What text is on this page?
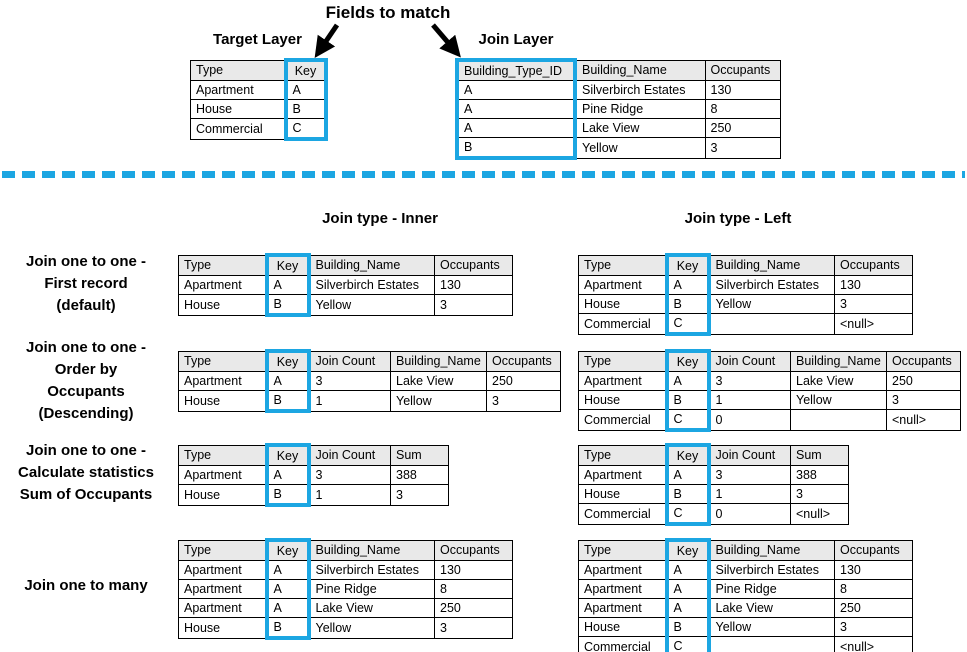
Fields to match
Target Layer	Join Layer
Type	Key
Apartment	A
House	B
Commercial	C
Building_Type_ID	Building_Name	Occupants
A	Silverbirch Estates	130
A	Pine Ridge	8
A	Lake View	250
B	Yellow	3
Join type - Inner	Join type - Left
Join one to one -
First record
(default)
Type	Key	Building_Name	Occupants
Apartment	A	Silverbirch Estates	130
House	B	Yellow	3
Type	Key	Building_Name	Occupants
Apartment	A	Silverbirch Estates	130
House	B	Yellow	3
Commercial	C		<null>
Join one to one -
Order by
Occupants
(Descending)
Type	Key	Join Count	Building_Name	Occupants
Apartment	A	3	Lake View	250
House	B	1	Yellow	3
Type	Key	Join Count	Building_Name	Occupants
Apartment	A	3	Lake View	250
House	B	1	Yellow	3
Commercial	C	0		<null>
Join one to one -
Calculate statistics
Sum of Occupants
Type	Key	Join Count	Sum
Apartment	A	3	388
House	B	1	3
Type	Key	Join Count	Sum
Apartment	A	3	388
House	B	1	3
Commercial	C	0	<null>
Join one to many
Type	Key	Building_Name	Occupants
Apartment	A	Silverbirch Estates	130
Apartment	A	Pine Ridge	8
Apartment	A	Lake View	250
House	B	Yellow	3
Type	Key	Building_Name	Occupants
Apartment	A	Silverbirch Estates	130
Apartment	A	Pine Ridge	8
Apartment	A	Lake View	250
House	B	Yellow	3
Commercial	C		<null>
